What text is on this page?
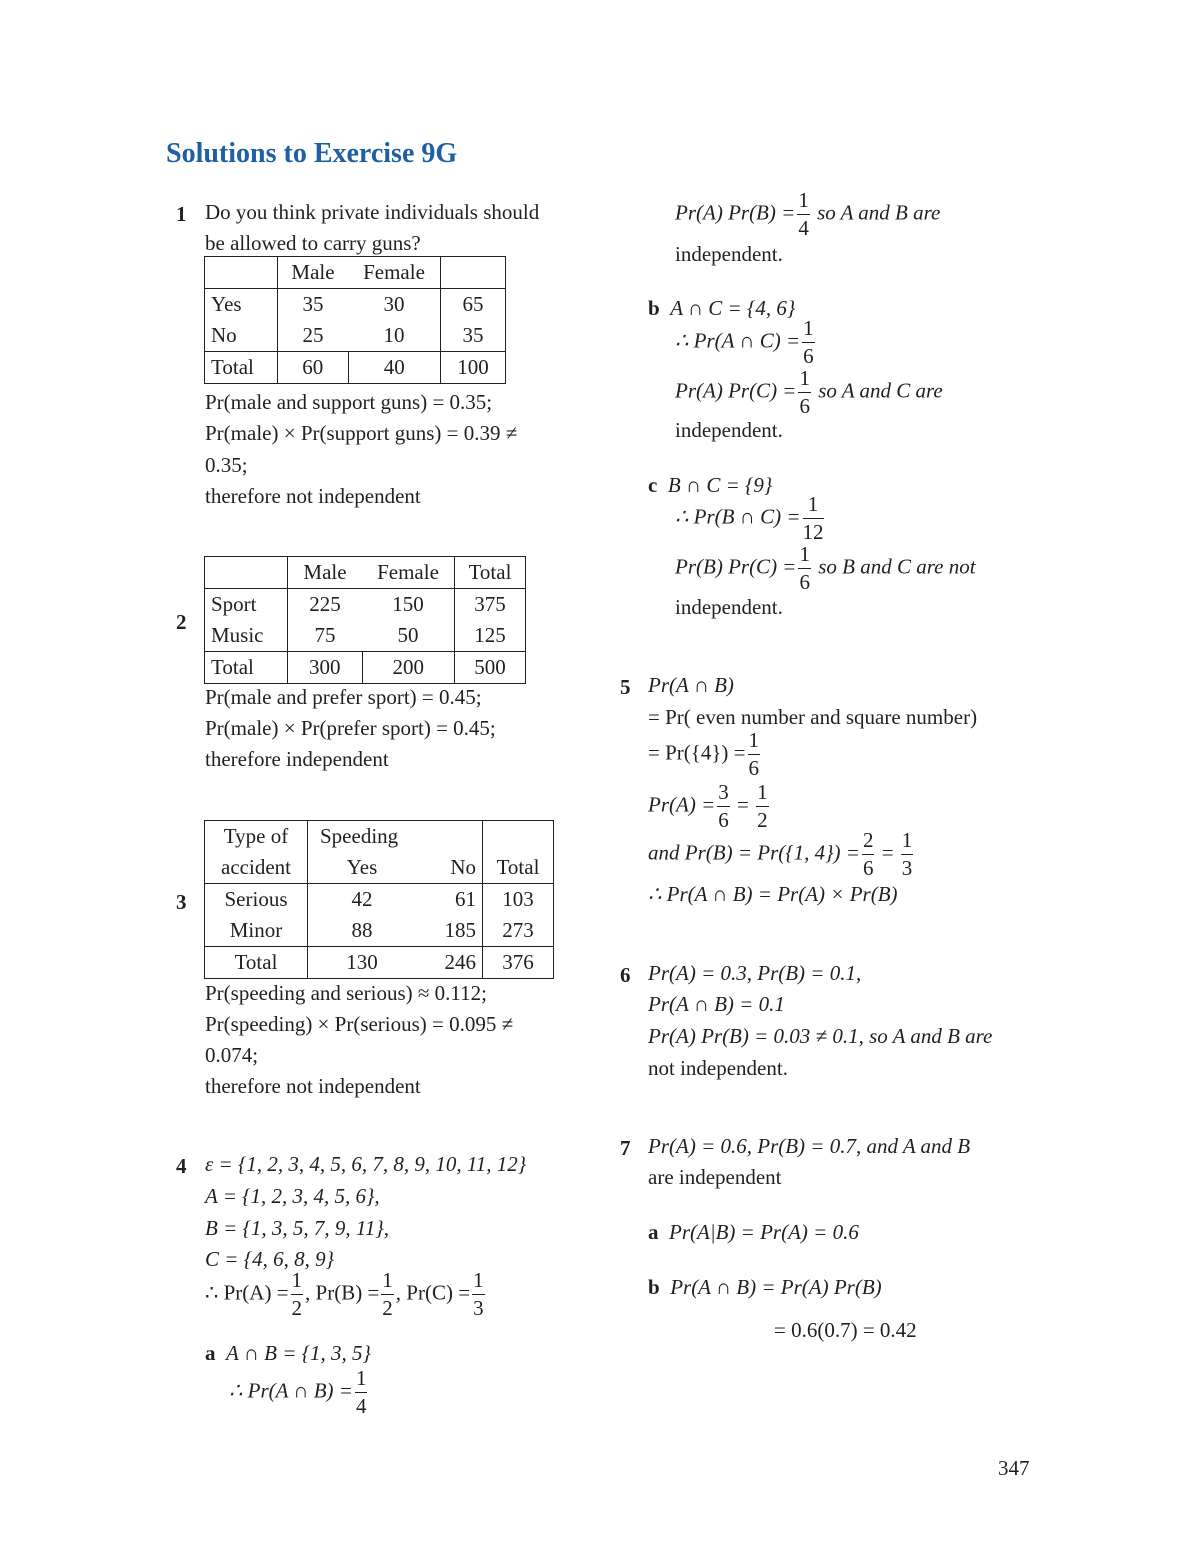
Solutions to Exercise 9G
1 Do you think private individuals should
be allowed to carry guns?
	Male	Female	
Yes	35	30	65
No	25	10	35
Total	60	40	100
Pr(male and support guns) = 0.35;
Pr(male) × Pr(support guns) = 0.39 ≠
0.35;
therefore not independent
2
	Male	Female	Total
Sport	225	150	375
Music	75	50	125
Total	300	200	500
Pr(male and prefer sport) = 0.45;
Pr(male) × Pr(prefer sport) = 0.45;
therefore independent
3
Type of	Speeding		
accident	Yes	No	Total
Serious	42	61	103
Minor	88	185	273
Total	130	246	376
Pr(speeding and serious) ≈ 0.112;
Pr(speeding) × Pr(serious) = 0.095 ≠
0.074;
therefore not independent
4 ε = {1, 2, 3, 4, 5, 6, 7, 8, 9, 10, 11, 12}
A = {1, 2, 3, 4, 5, 6},
B = {1, 3, 5, 7, 9, 11},
C = {4, 6, 8, 9}
∴ $Pr(A) = \frac{1}{2}$ , $Pr(B) = \frac{1}{2}$ , $Pr(C) = \frac{1}{3}$
a A ∩ B = {1, 3, 5}
∴ Pr(A ∩ $B) = \frac{1}{4}$
Pr(A) $Pr(B) = \frac{1}{4}$ so A and B are
independent.
b A ∩ C = {4, 6}
∴ Pr(A ∩ $C) = \frac{1}{6}$
Pr(A) $Pr(C) = \frac{1}{6}$ so A and C are
independent.
c B ∩ C = {9}
∴ Pr(B ∩ $C) = \frac{1}{12}$
Pr(B) $Pr(C) = \frac{1}{6}$ so B and C are not
independent.
5 Pr(A ∩ B)
= Pr( even number and square number)
= $Pr(\{4\}) = \frac{1}{6}$
$Pr(A) = \frac{3}{6} = \frac{1}{2}$
and Pr(B) = Pr({1, $4\}) = \frac{2}{6} = \frac{1}{3}$
∴ Pr(A ∩ B) = Pr(A) × Pr(B)
6 Pr(A) = 0.3, Pr(B) = 0.1,
Pr(A ∩ B) = 0.1
Pr(A) Pr(B) = 0.03 ≠ 0.1, so A and B are
not independent.
7 Pr(A) = 0.6, Pr(B) = 0.7, and A and B
are independent
a Pr(A|B) = Pr(A) = 0.6
b Pr(A ∩ B) = Pr(A) Pr(B)
= 0.6(0.7) = 0.42
347
